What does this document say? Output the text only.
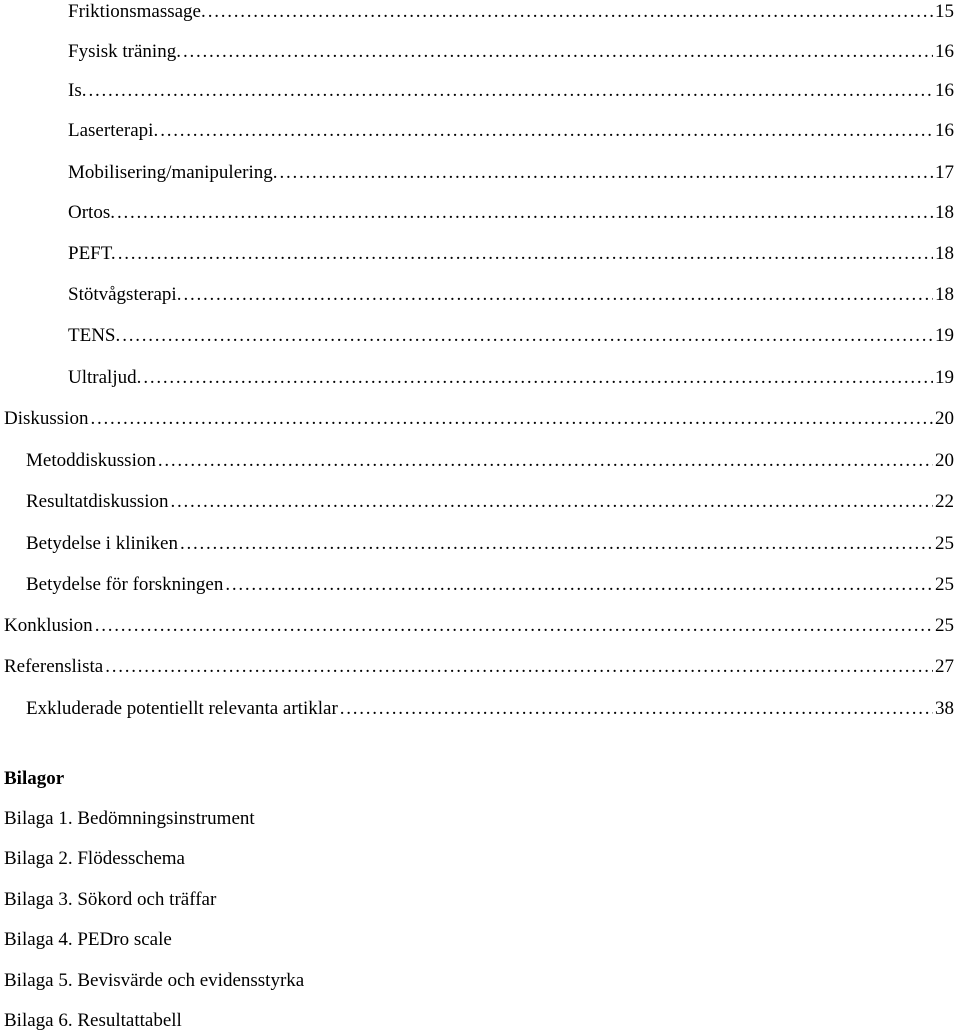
Friktionsmassage. . . .	15
Fysisk träning. . . .	16
Is. . . .	16
Laserterapi. . . .	16
Mobilisering/manipulering. . . .	17
Ortos. . . .	18
PEFT. . . .	18
Stötvågsterapi. . . .	18
TENS. . . .	19
Ultraljud. . . .	19
Diskussion . . .	20
Metoddiskussion . . .	20
Resultatdiskussion . . .	22
Betydelse i kliniken . . .	25
Betydelse för forskningen . . .	25
Konklusion . . .	25
Referenslista . . .	27
Exkluderade potentiellt relevanta artiklar . . .	38
Bilagor
Bilaga 1. Bedömningsinstrument
Bilaga 2. Flödesschema
Bilaga 3. Sökord och träffar
Bilaga 4. PEDro scale
Bilaga 5. Bevisvärde och evidensstyrka
Bilaga 6. Resultattabell
